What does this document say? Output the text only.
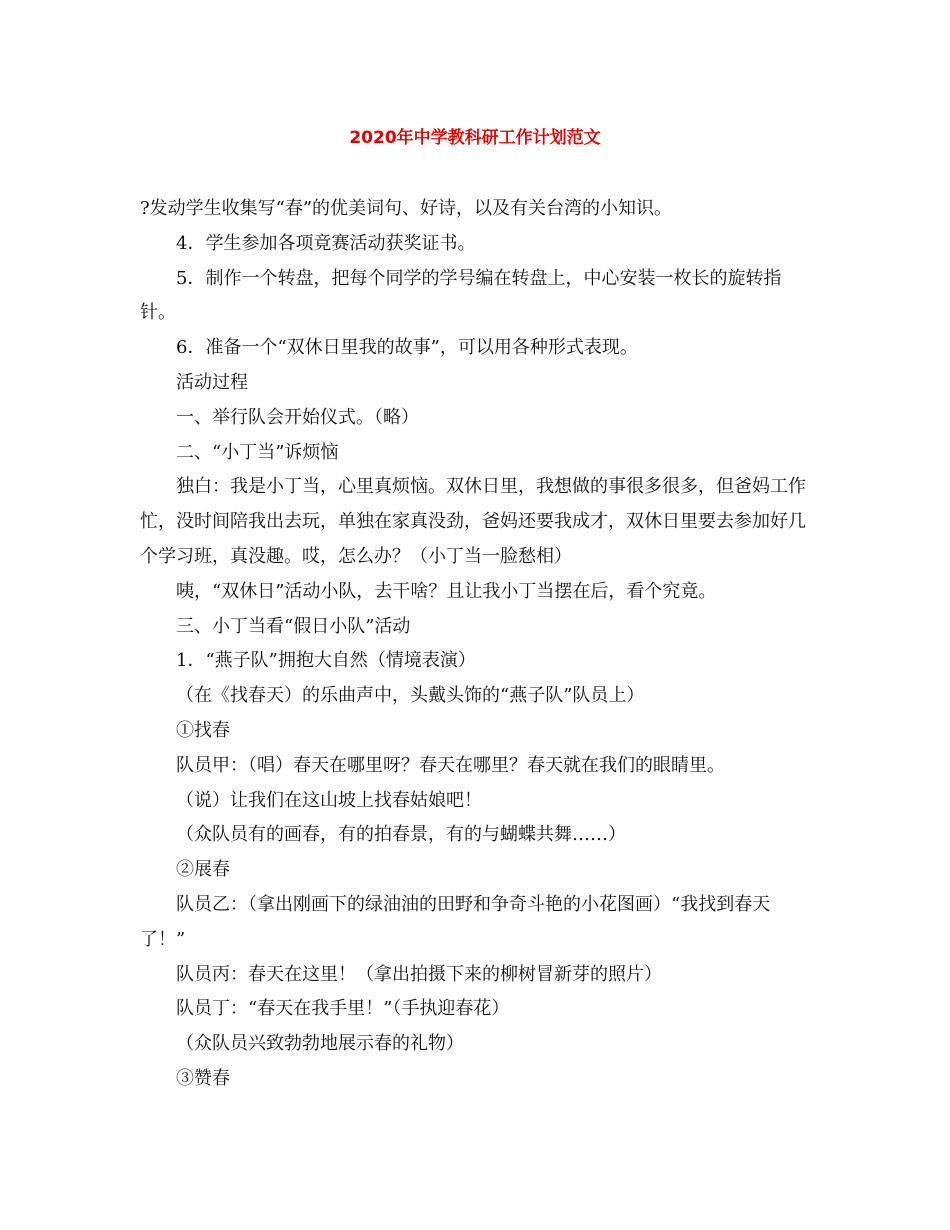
2020年中学教科研工作计划范文

?发动学生收集写“春”的优美词句、好诗，以及有关台湾的小知识。

4．学生参加各项竟赛活动获奖证书。

5．制作一个转盘，把每个同学的学号编在转盘上，中心安装一枚长的旋转指针。

6．准备一个“双休日里我的故事”，可以用各种形式表现。

活动过程

一、举行队会开始仪式。（略）

二、“小丁当”诉烦恼

独白：我是小丁当，心里真烦恼。双休日里，我想做的事很多很多，但爸妈工作忙，没时间陪我出去玩，单独在家真没劲，爸妈还要我成才，双休日里要去参加好几个学习班，真没趣。哎，怎么办？（小丁当一脸愁相）

咦，“双休日”活动小队，去干啥？且让我小丁当摆在后，看个究竟。

三、小丁当看“假日小队”活动

1．“燕子队”拥抱大自然（情境表演）

（在《找春天）的乐曲声中，头戴头饰的“燕子队”队员上）

①找春

队员甲：（唱）春天在哪里呀？春天在哪里？春天就在我们的眼睛里。

（说）让我们在这山坡上找春姑娘吧！

（众队员有的画春，有的拍春景，有的与蝴蝶共舞……）

②展春

队员乙：（拿出刚画下的绿油油的田野和争奇斗艳的小花图画）“我找到春天了！”

队员丙：春天在这里！（拿出拍摄下来的柳树冒新芽的照片）

队员丁：“春天在我手里！”（手执迎春花）

（众队员兴致勃勃地展示春的礼物）

③赞春
